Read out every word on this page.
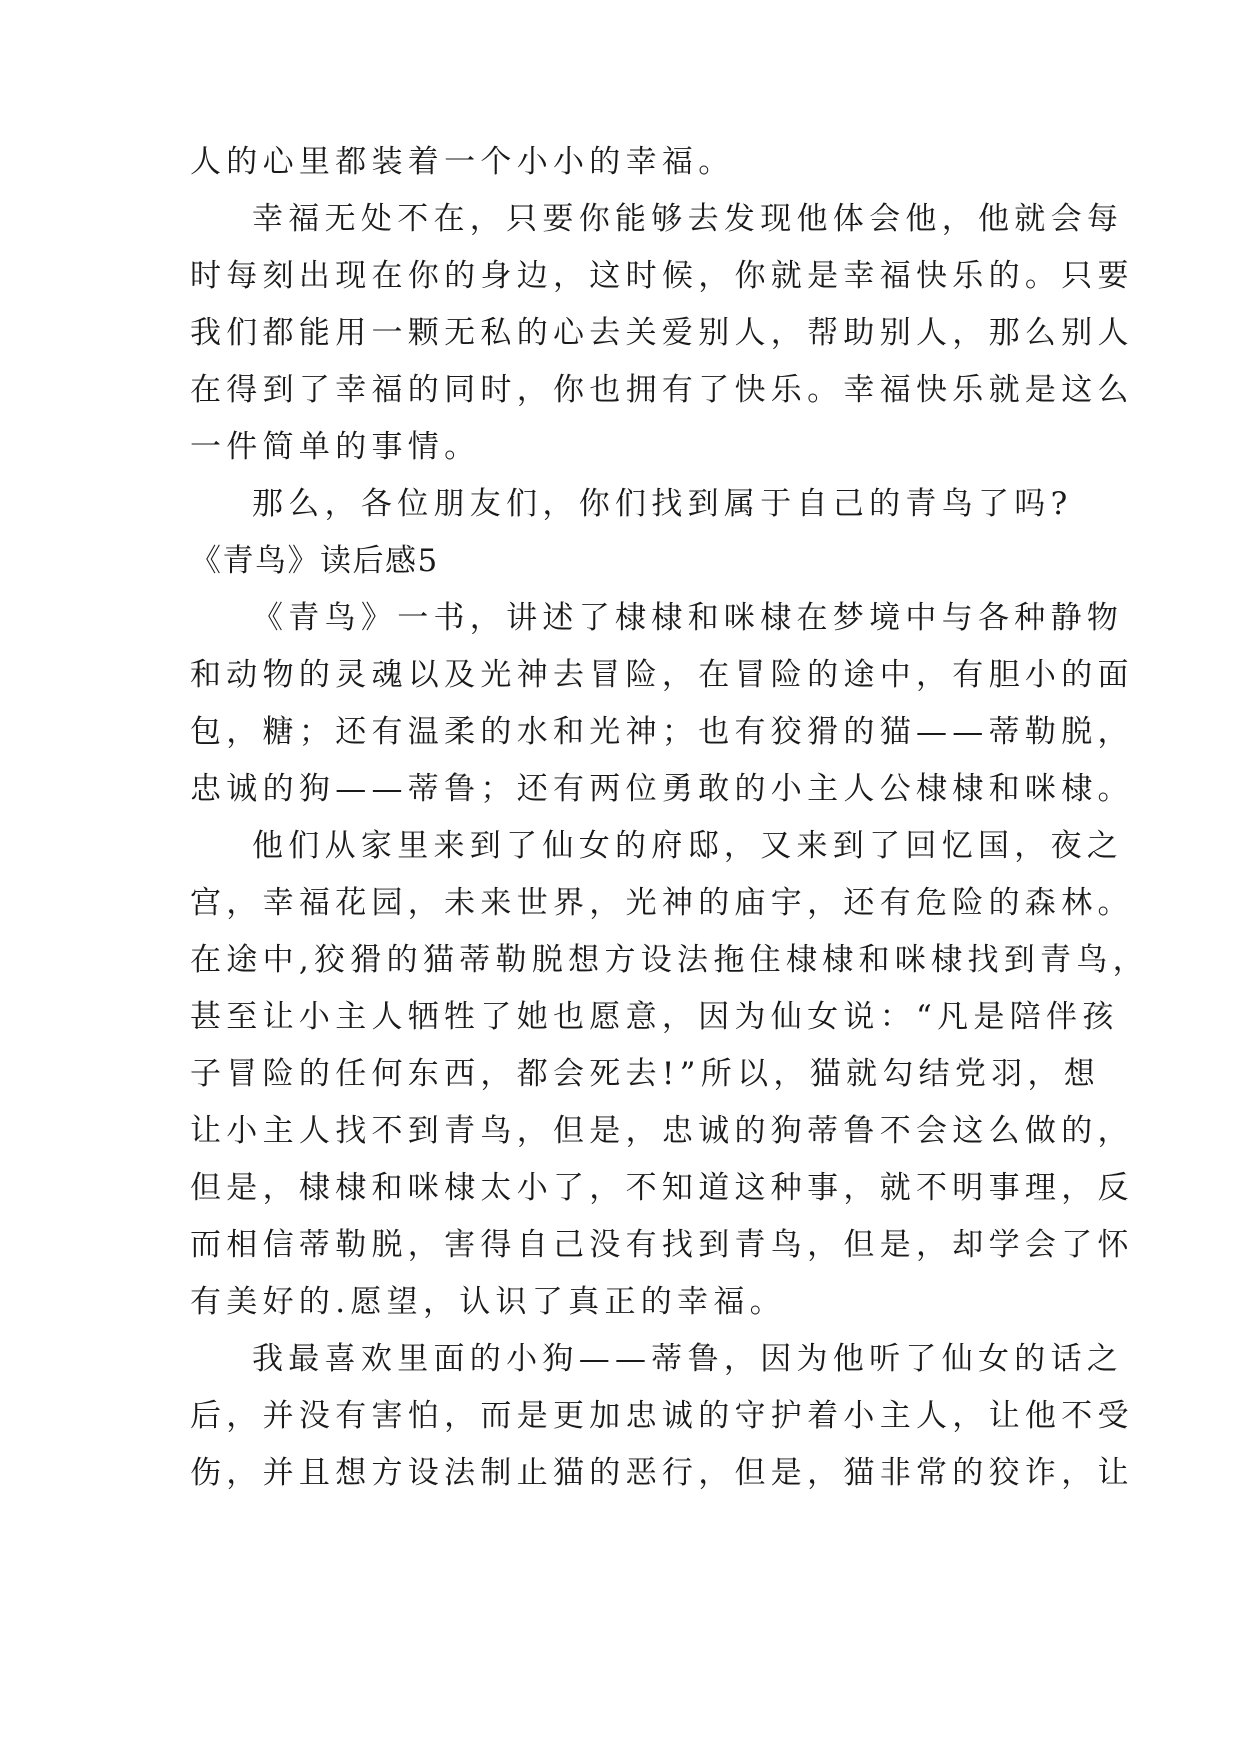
人的心里都装着一个小小的幸福。
幸福无处不在，只要你能够去发现他体会他，他就会每
时每刻出现在你的身边，这时候，你就是幸福快乐的。只要
我们都能用一颗无私的心去关爱别人，帮助别人，那么别人
在得到了幸福的同时，你也拥有了快乐。幸福快乐就是这么
一件简单的事情。
那么，各位朋友们，你们找到属于自己的青鸟了吗?
《青鸟》读后感5
《青鸟》一书，讲述了棣棣和咪棣在梦境中与各种静物
和动物的灵魂以及光神去冒险，在冒险的途中，有胆小的面
包，糖；还有温柔的水和光神；也有狡猾的猫——蒂勒脱，
忠诚的狗——蒂鲁；还有两位勇敢的小主人公棣棣和咪棣。
他们从家里来到了仙女的府邸，又来到了回忆国，夜之
宫，幸福花园，未来世界，光神的庙宇，还有危险的森林。
在途中,狡猾的猫蒂勒脱想方设法拖住棣棣和咪棣找到青鸟，
甚至让小主人牺牲了她也愿意，因为仙女说：“凡是陪伴孩
子冒险的任何东西，都会死去!”所以，猫就勾结党羽，想
让小主人找不到青鸟，但是，忠诚的狗蒂鲁不会这么做的，
但是，棣棣和咪棣太小了，不知道这种事，就不明事理，反
而相信蒂勒脱，害得自己没有找到青鸟，但是，却学会了怀
有美好的.愿望，认识了真正的幸福。
我最喜欢里面的小狗——蒂鲁，因为他听了仙女的话之
后，并没有害怕，而是更加忠诚的守护着小主人，让他不受
伤，并且想方设法制止猫的恶行，但是，猫非常的狡诈，让
